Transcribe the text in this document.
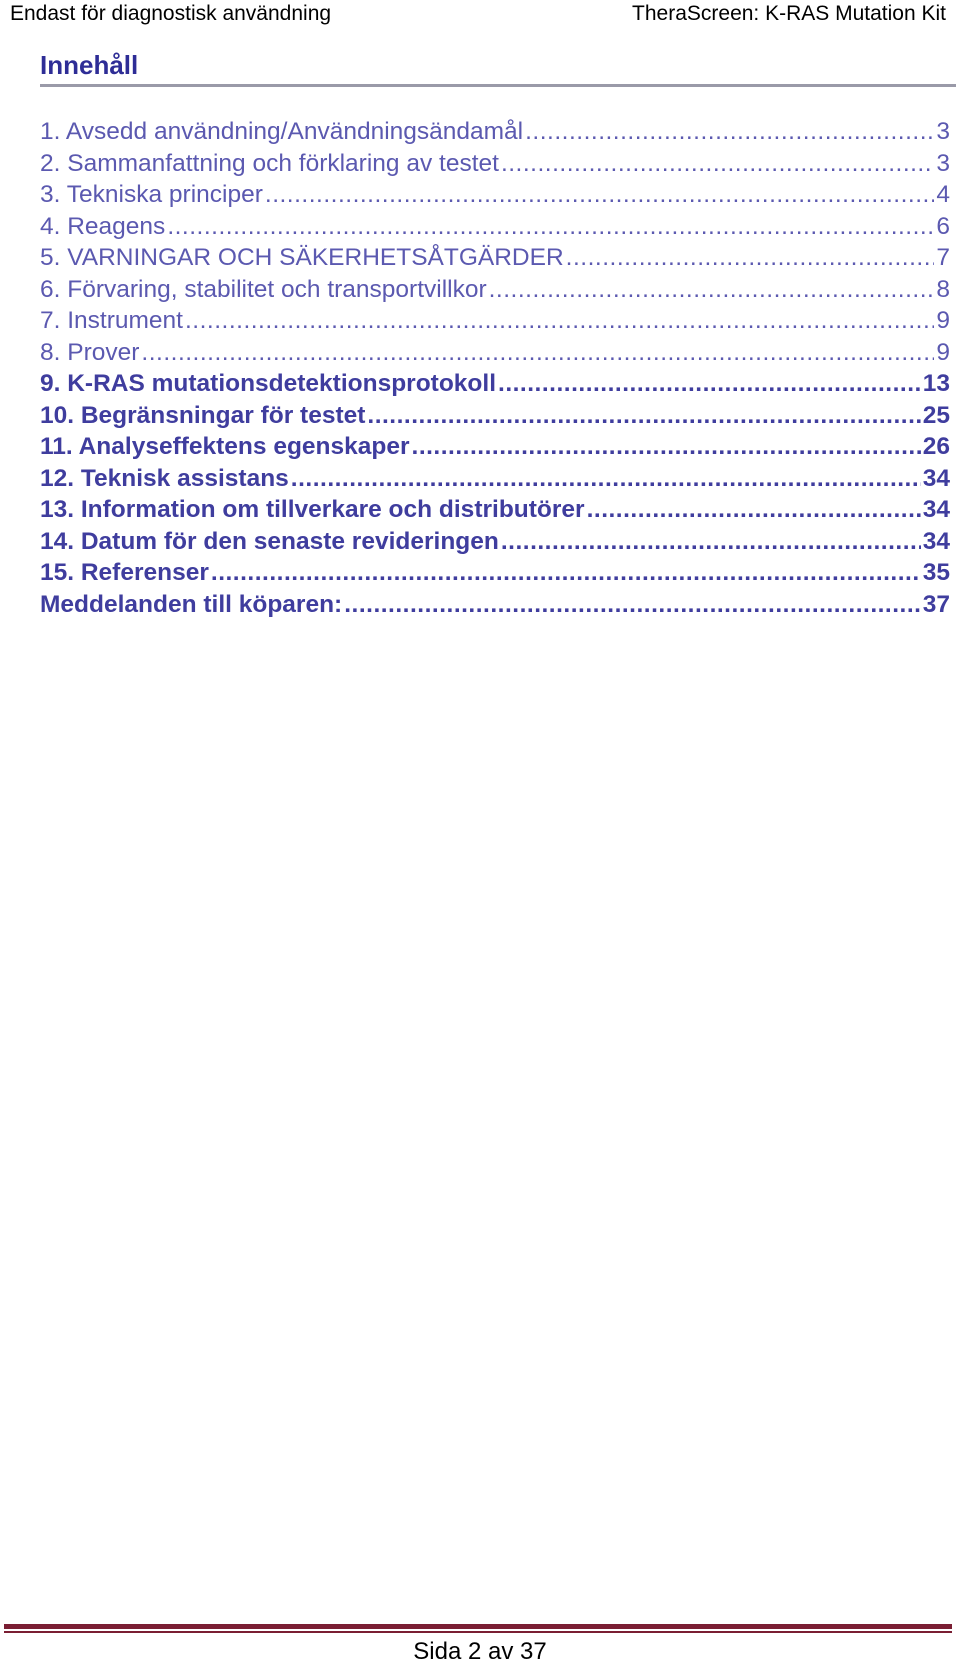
Endast för diagnostisk användning	TheraScreen: K-RAS Mutation Kit
Innehåll
1. Avsedd användning/Användningsändamål .....	3
2. Sammanfattning och förklaring av testet .....	3
3. Tekniska principer .....	4
4. Reagens .....	6
5. VARNINGAR OCH SÄKERHETSÅTGÄRDER .....	7
6. Förvaring, stabilitet och transportvillkor .....	8
7. Instrument .....	9
8. Prover .....	9
9. K-RAS mutationsdetektionsprotokoll .....	13
10. Begränsningar för testet .....	25
11. Analyseffektens egenskaper .....	26
12. Teknisk assistans .....	34
13. Information om tillverkare och distributörer .....	34
14. Datum för den senaste revideringen .....	34
15. Referenser .....	35
Meddelanden till köparen: .....	37
Sida 2 av 37
